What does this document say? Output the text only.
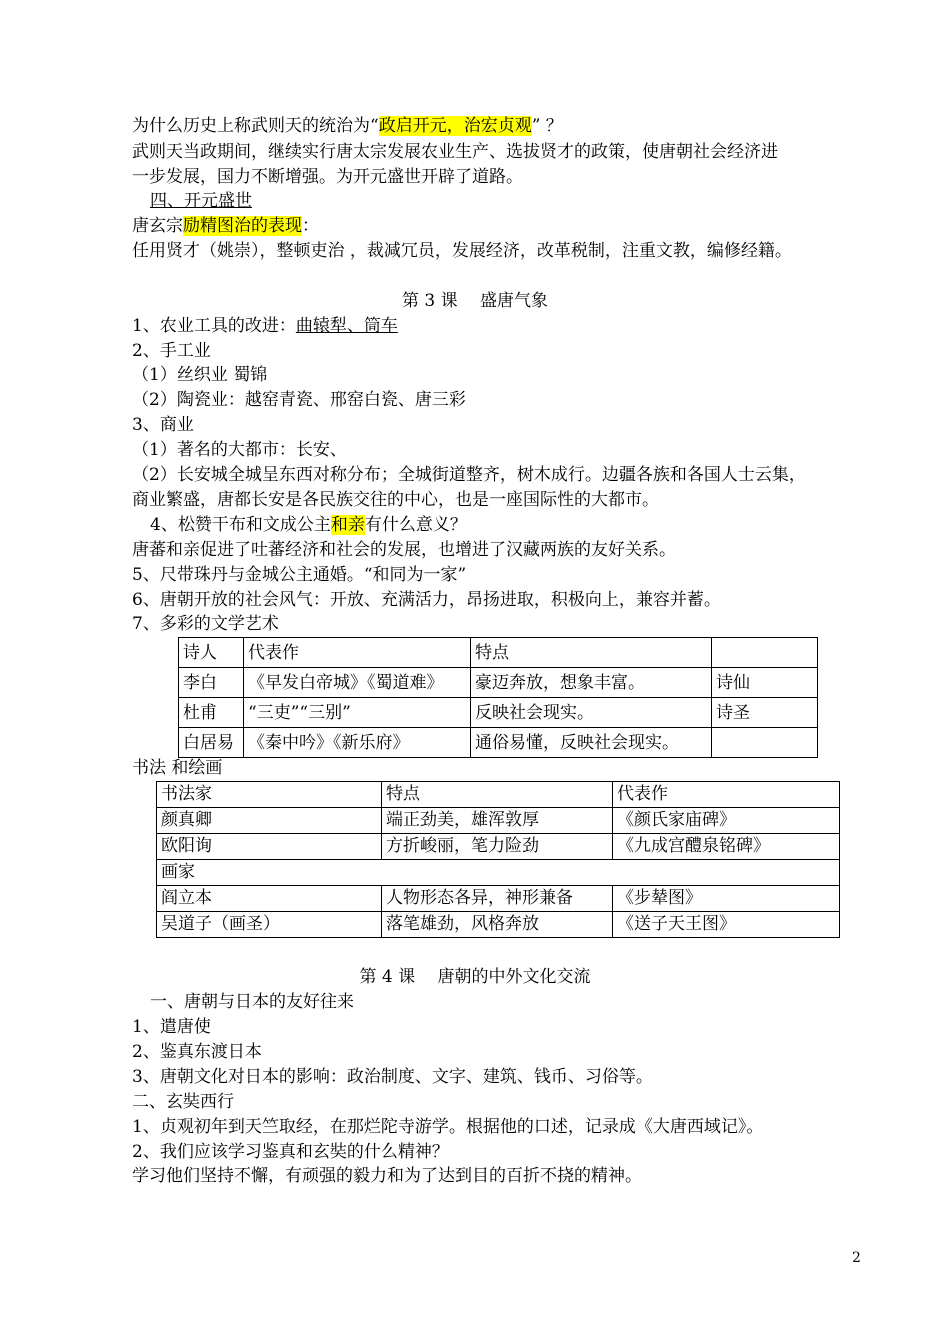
为什么历史上称武则天的统治为“政启开元，治宏贞观” ？
武则天当政期间，继续实行唐太宗发展农业生产、选拔贤才的政策，使唐朝社会经济进
一步发展，国力不断增强。为开元盛世开辟了道路。
四、开元盛世
唐玄宗励精图治的表现：
任用贤才（姚崇），整顿吏治 ，裁减冗员，发展经济，改革税制，注重文教，编修经籍。
第 3 课　 盛唐气象
1、农业工具的改进：曲辕犁、筒车
2、手工业
（1）丝织业 蜀锦
（2）陶瓷业：越窑青瓷、邢窑白瓷、唐三彩
3、商业
（1）著名的大都市：长安、
（2）长安城全城呈东西对称分布；全城街道整齐，树木成行。边疆各族和各国人士云集，
商业繁盛，唐都长安是各民族交往的中心，也是一座国际性的大都市。
4、松赞干布和文成公主和亲有什么意义？
唐蕃和亲促进了吐蕃经济和社会的发展，也增进了汉藏两族的友好关系。
5、尺带珠丹与金城公主通婚。“和同为一家”
6、唐朝开放的社会风气：开放、充满活力，昂扬进取，积极向上，兼容并蓄。
7、多彩的文学艺术
诗人	代表作	特点	
李白	《早发白帝城》《蜀道难》	豪迈奔放，想象丰富。	诗仙
杜甫	“三吏”“三别”	反映社会现实。	诗圣
白居易	《秦中吟》《新乐府》	通俗易懂，反映社会现实。	
书法 和绘画
书法家	特点	代表作
颜真卿	端正劲美，雄浑敦厚	《颜氏家庙碑》
欧阳询	方折峻丽，笔力险劲	《九成宫醴泉铭碑》
画家		
阎立本	人物形态各异，神形兼备	《步辇图》
吴道子（画圣）	落笔雄劲，风格奔放	《送子天王图》
第 4 课　 唐朝的中外文化交流
一、唐朝与日本的友好往来
1、遣唐使
2、鉴真东渡日本
3、唐朝文化对日本的影响：政治制度、文字、建筑、钱币、习俗等。
二、玄奘西行
1、贞观初年到天竺取经，在那烂陀寺游学。根据他的口述，记录成《大唐西域记》。
2、我们应该学习鉴真和玄奘的什么精神？
学习他们坚持不懈，有顽强的毅力和为了达到目的百折不挠的精神。
2
